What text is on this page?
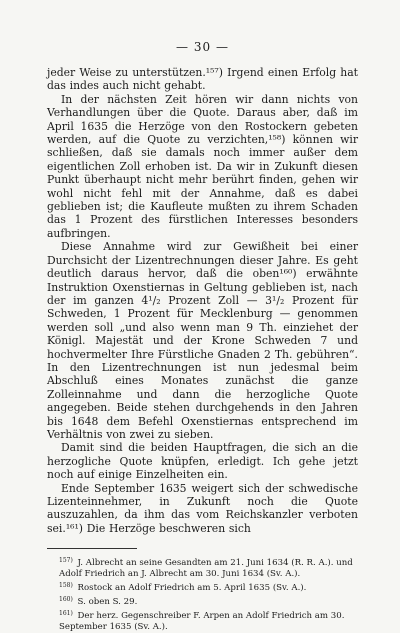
— 30 —

jeder Weise zu unterstützen.¹⁵⁷) Irgend einen Erfolg hat das indes auch nicht gehabt.

In der nächsten Zeit hören wir dann nichts von Verhandlungen über die Quote. Daraus aber, daß im April 1635 die Herzöge von den Rostockern gebeten werden, auf die Quote zu verzichten,¹⁵⁸) können wir schließen, daß sie damals noch immer außer dem eigentlichen Zoll erhoben ist. Da wir in Zukunft diesen Punkt überhaupt nicht mehr berührt finden, gehen wir wohl nicht fehl mit der Annahme, daß es dabei geblieben ist; die Kaufleute mußten zu ihrem Schaden das 1 Prozent des fürstlichen Interesses besonders aufbringen.

Diese Annahme wird zur Gewißheit bei einer Durchsicht der Lizentrechnungen dieser Jahre. Es geht deutlich daraus hervor, daß die oben¹⁶⁰) erwähnte Instruktion Oxenstiernas in Geltung geblieben ist, nach der im ganzen 4¹/₂ Prozent Zoll — 3¹/₂ Prozent für Schweden, 1 Prozent für Mecklenburg — genommen werden soll „und also wenn man 9 Th. einziehet der Königl. Majestät und der Krone Schweden 7 und hochvermelter Ihre Fürstliche Gnaden 2 Th. gebühren“. In den Lizentrechnungen ist nun jedesmal beim Abschluß eines Monates zunächst die ganze Zolleinnahme und dann die herzogliche Quote angegeben. Beide stehen durchgehends in den Jahren bis 1648 dem Befehl Oxenstiernas entsprechend im Verhältnis von zwei zu sieben.

Damit sind die beiden Hauptfragen, die sich an die herzogliche Quote knüpfen, erledigt. Ich gehe jetzt noch auf einige Einzelheiten ein.

Ende September 1635 weigert sich der schwedische Lizenteinnehmer, in Zukunft noch die Quote auszuzahlen, da ihm das vom Reichskanzler verboten sei.¹⁶¹) Die Herzöge beschweren sich

$^{157)}$ J. Albrecht an seine Gesandten am 21. Juni 1634 (R. R. A.). und Adolf Friedrich an J. Albrecht am 30. Juni 1634 (Sv. A.).

$^{158)}$ Rostock an Adolf Friedrich am 5. April 1635 (Sv. A.).

$^{160)}$ S. oben S. 29.

$^{161)}$ Der herz. Gegenschreiber F. Arpen an Adolf Friedrich am 30. September 1635 (Sv. A.).
